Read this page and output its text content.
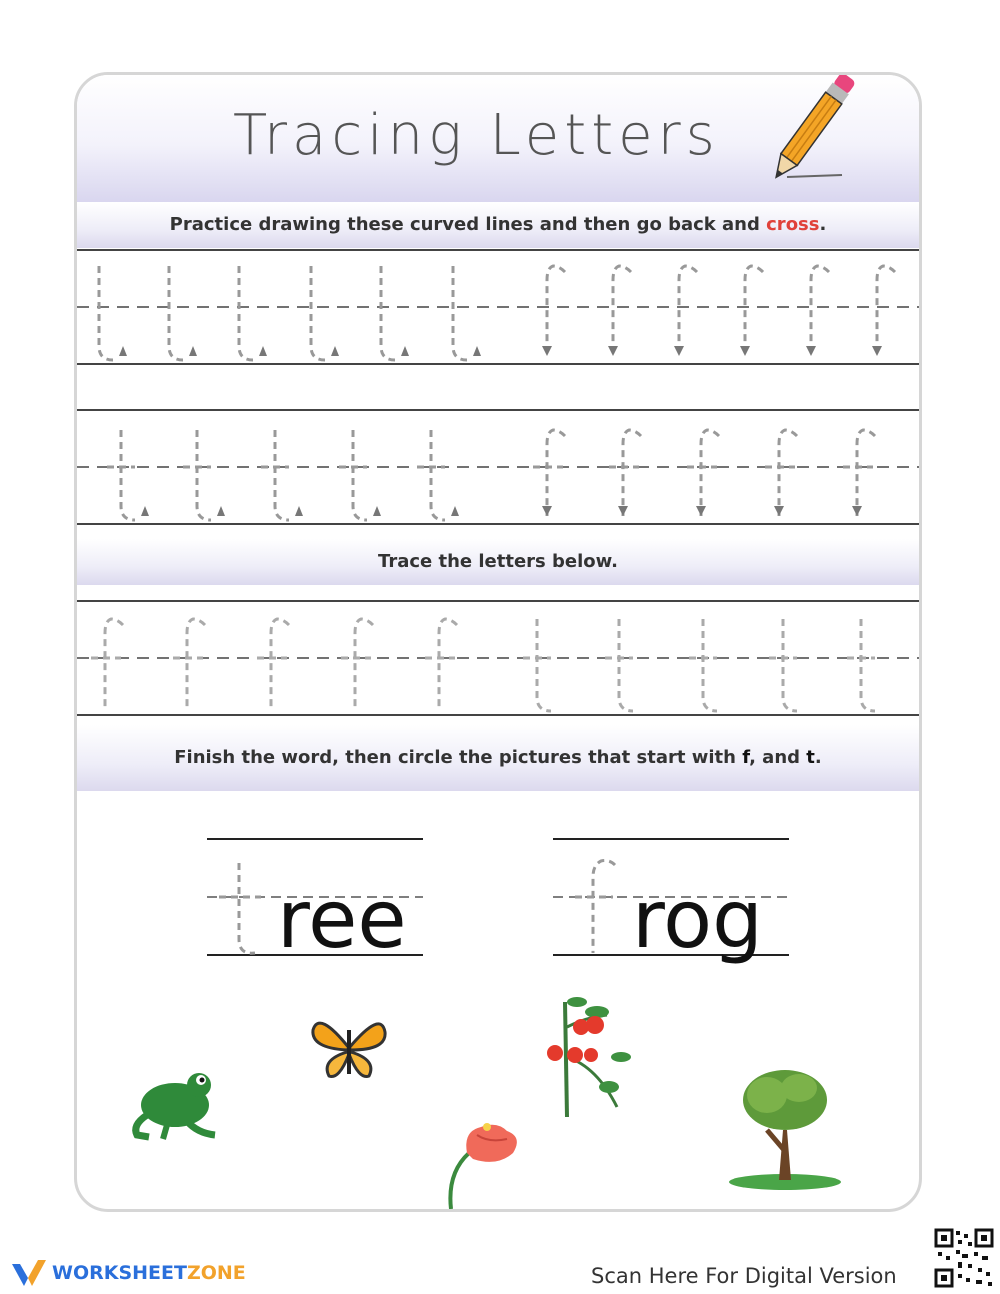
Tracing Letters
Practice drawing these curved lines and then go back and cross.
Trace the letters below.
Finish the word, then circle the pictures that start with f, and t.
ree	rog
WORKSHEETZONE	Scan Here For Digital Version
